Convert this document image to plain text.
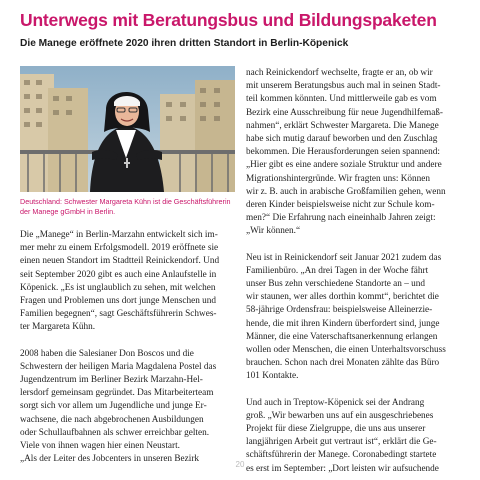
Unterwegs mit Beratungsbus und Bildungspaketen

Die Manege eröffnete 2020 ihren dritten Standort in Berlin-Köpenick

Deutschland: Schwester Margareta Kühn ist die Geschäftsführerin der Manege gGmbH in Berlin.

Die „Manege“ in Berlin-Marzahn entwickelt sich im-
mer mehr zu einem Erfolgsmodell. 2019 eröffnete sie
einen neuen Standort im Stadtteil Reinickendorf. Und
seit September 2020 gibt es auch eine Anlaufstelle in
Köpenick. „Es ist unglaublich zu sehen, mit welchen
Fragen und Problemen uns dort junge Menschen und
Familien begegnen“, sagt Geschäftsführerin Schwes-
ter Margareta Kühn.
2008 haben die Salesianer Don Boscos und die
Schwestern der heiligen Maria Magdalena Postel das
Jugendzentrum im Berliner Bezirk Marzahn-Hel-
lersdorf gemeinsam gegründet. Das Mitarbeiterteam
sorgt sich vor allem um Jugendliche und junge Er-
wachsene, die nach abgebrochenen Ausbildungen
oder Schullaufbahnen als schwer erreichbar gelten.
Viele von ihnen wagen hier einen Neustart.
„Als der Leiter des Jobcenters in unseren Bezirk
nach Reinickendorf wechselte, fragte er an, ob wir
mit unserem Beratungsbus auch mal in seinen Stadt-
teil kommen könnten. Und mittlerweile gab es vom
Bezirk eine Ausschreibung für neue Jugendhilfemaß-
nahmen“, erklärt Schwester Margareta. Die Manege
habe sich mutig darauf beworben und den Zuschlag
bekommen. Die Herausforderungen seien spannend:
„Hier gibt es eine andere soziale Struktur und andere
Migrationshintergründe. Wir fragten uns: Können
wir z. B. auch in arabische Großfamilien gehen, wenn
deren Kinder beispielsweise nicht zur Schule kom-
men?“ Die Erfahrung nach eineinhalb Jahren zeigt:
„Wir können.“
Neu ist in Reinickendorf seit Januar 2021 zudem das
Familienbüro. „An drei Tagen in der Woche fährt
unser Bus zehn verschiedene Standorte an – und
wir staunen, wer alles dorthin kommt“, berichtet die
58-jährige Ordensfrau: beispielsweise Alleinerzie-
hende, die mit ihren Kindern überfordert sind, junge
Männer, die eine Vaterschaftsanerkennung erlangen
wollen oder Menschen, die einen Unterhaltsvorschuss
brauchen. Schon nach drei Monaten zählte das Büro
101 Kontakte.
Und auch in Treptow-Köpenick sei der Andrang
groß. „Wir bewarben uns auf ein ausgeschriebenes
Projekt für diese Zielgruppe, die uns aus unserer
langjährigen Arbeit gut vertraut ist“, erklärt die Ge-
schäftsführerin der Manege. Coronabedingt startete
es erst im September: „Dort leisten wir aufsuchende
20
